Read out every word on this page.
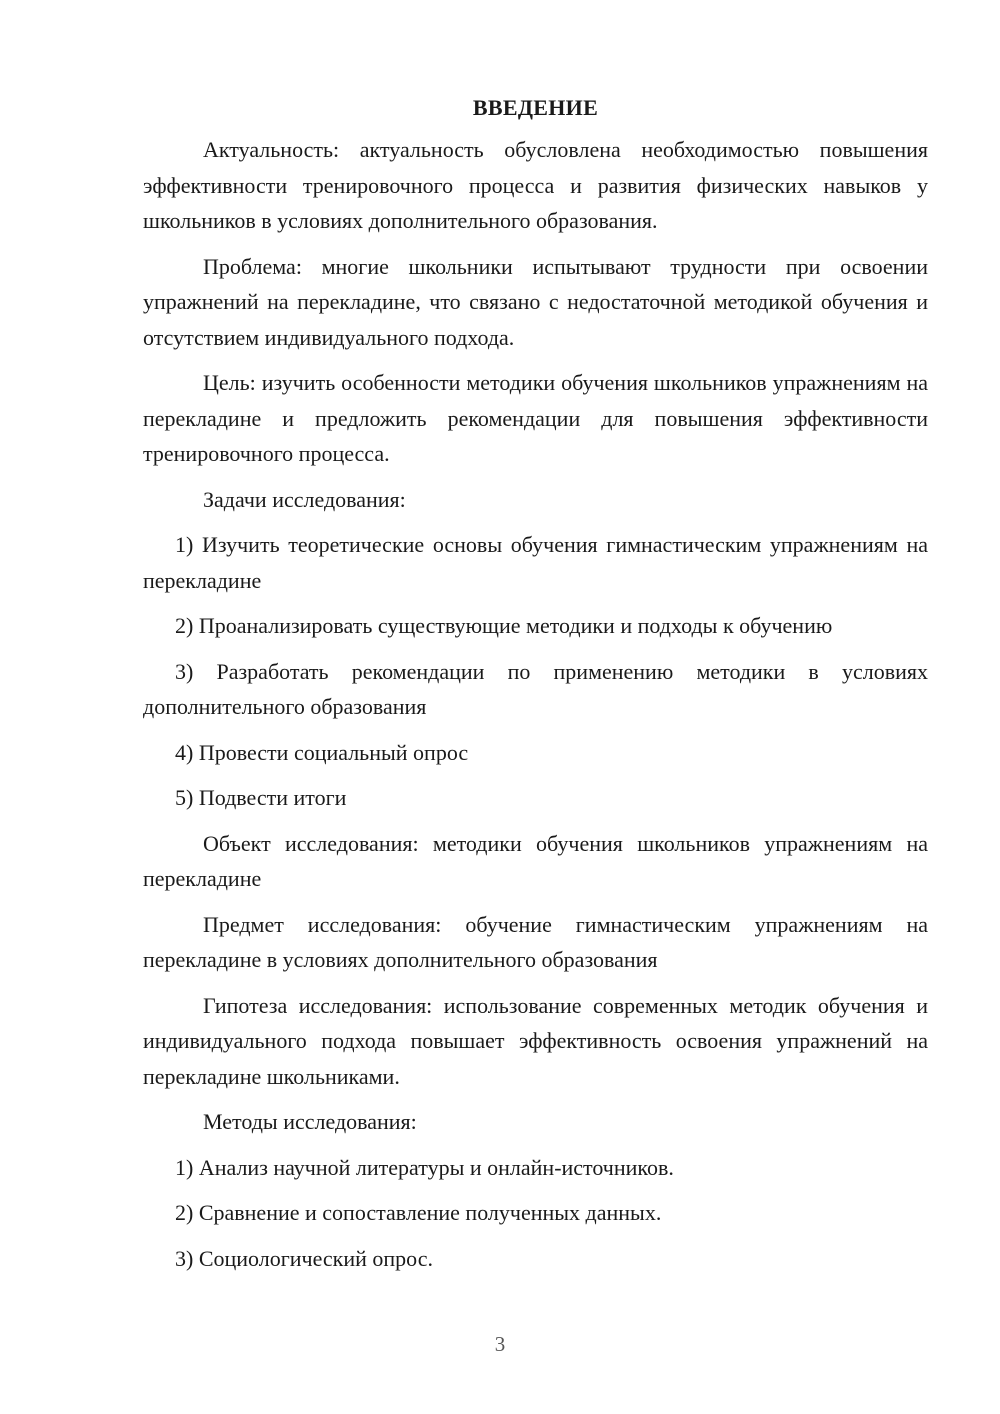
ВВЕДЕНИЕ

Актуальность: актуальность обусловлена необходимостью повышения эффективности тренировочного процесса и развития физических навыков у школьников в условиях дополнительного образования.

Проблема: многие школьники испытывают трудности при освоении упражнений на перекладине, что связано с недостаточной методикой обучения и отсутствием индивидуального подхода.

Цель: изучить особенности методики обучения школьников упражнениям на перекладине и предложить рекомендации для повышения эффективности тренировочного процесса.

Задачи исследования:

1) Изучить теоретические основы обучения гимнастическим упражнениям на перекладине

2) Проанализировать существующие методики и подходы к обучению

3) Разработать рекомендации по применению методики в условиях дополнительного образования

4) Провести социальный опрос

5) Подвести итоги

Объект исследования: методики обучения школьников упражнениям на перекладине

Предмет исследования: обучение гимнастическим упражнениям на перекладине в условиях дополнительного образования

Гипотеза исследования: использование современных методик обучения и индивидуального подхода повышает эффективность освоения упражнений на перекладине школьниками.

Методы исследования:

1) Анализ научной литературы и онлайн-источников.

2) Сравнение и сопоставление полученных данных.

3) Социологический опрос.

3
